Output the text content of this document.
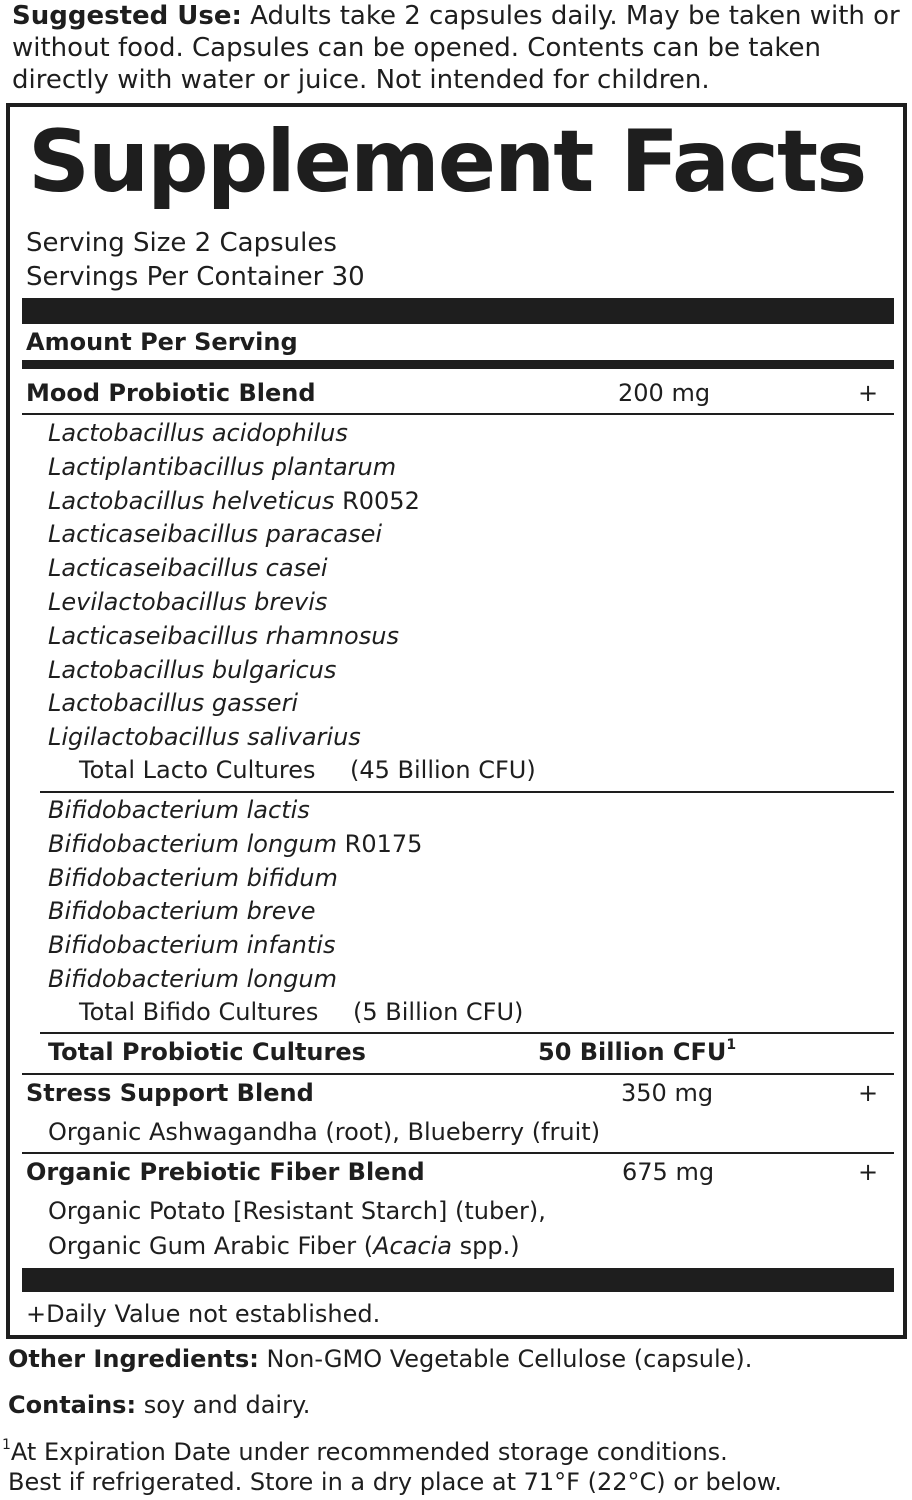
Suggested Use: Adults take 2 capsules daily. May be taken with or
without food. Capsules can be opened. Contents can be taken
directly with water or juice. Not intended for children.
Supplement Facts
Serving Size 2 Capsules
Servings Per Container 30
Amount Per Serving
Mood Probiotic Blend	200 mg	+
Lactobacillus acidophilus
Lactiplantibacillus plantarum
Lactobacillus helveticus R0052
Lacticaseibacillus paracasei
Lacticaseibacillus casei
Levilactobacillus brevis
Lacticaseibacillus rhamnosus
Lactobacillus bulgaricus
Lactobacillus gasseri
Ligilactobacillus salivarius
Total Lacto Cultures (45 Billion CFU)
Bifidobacterium lactis
Bifidobacterium longum R0175
Bifidobacterium bifidum
Bifidobacterium breve
Bifidobacterium infantis
Bifidobacterium longum
Total Bifido Cultures (5 Billion CFU)
Total Probiotic Cultures	50 Billion CFU$^1$
Stress Support Blend	350 mg	+
Organic Ashwagandha (root), Blueberry (fruit)
Organic Prebiotic Fiber Blend	675 mg	+
Organic Potato [Resistant Starch] (tuber),
Organic Gum Arabic Fiber (Acacia spp.)
+Daily Value not established.
Other Ingredients: Non-GMO Vegetable Cellulose (capsule).
Contains: soy and dairy.
$^1$At Expiration Date under recommended storage conditions.
Best if refrigerated. Store in a dry place at 71°F (22°C) or below.
